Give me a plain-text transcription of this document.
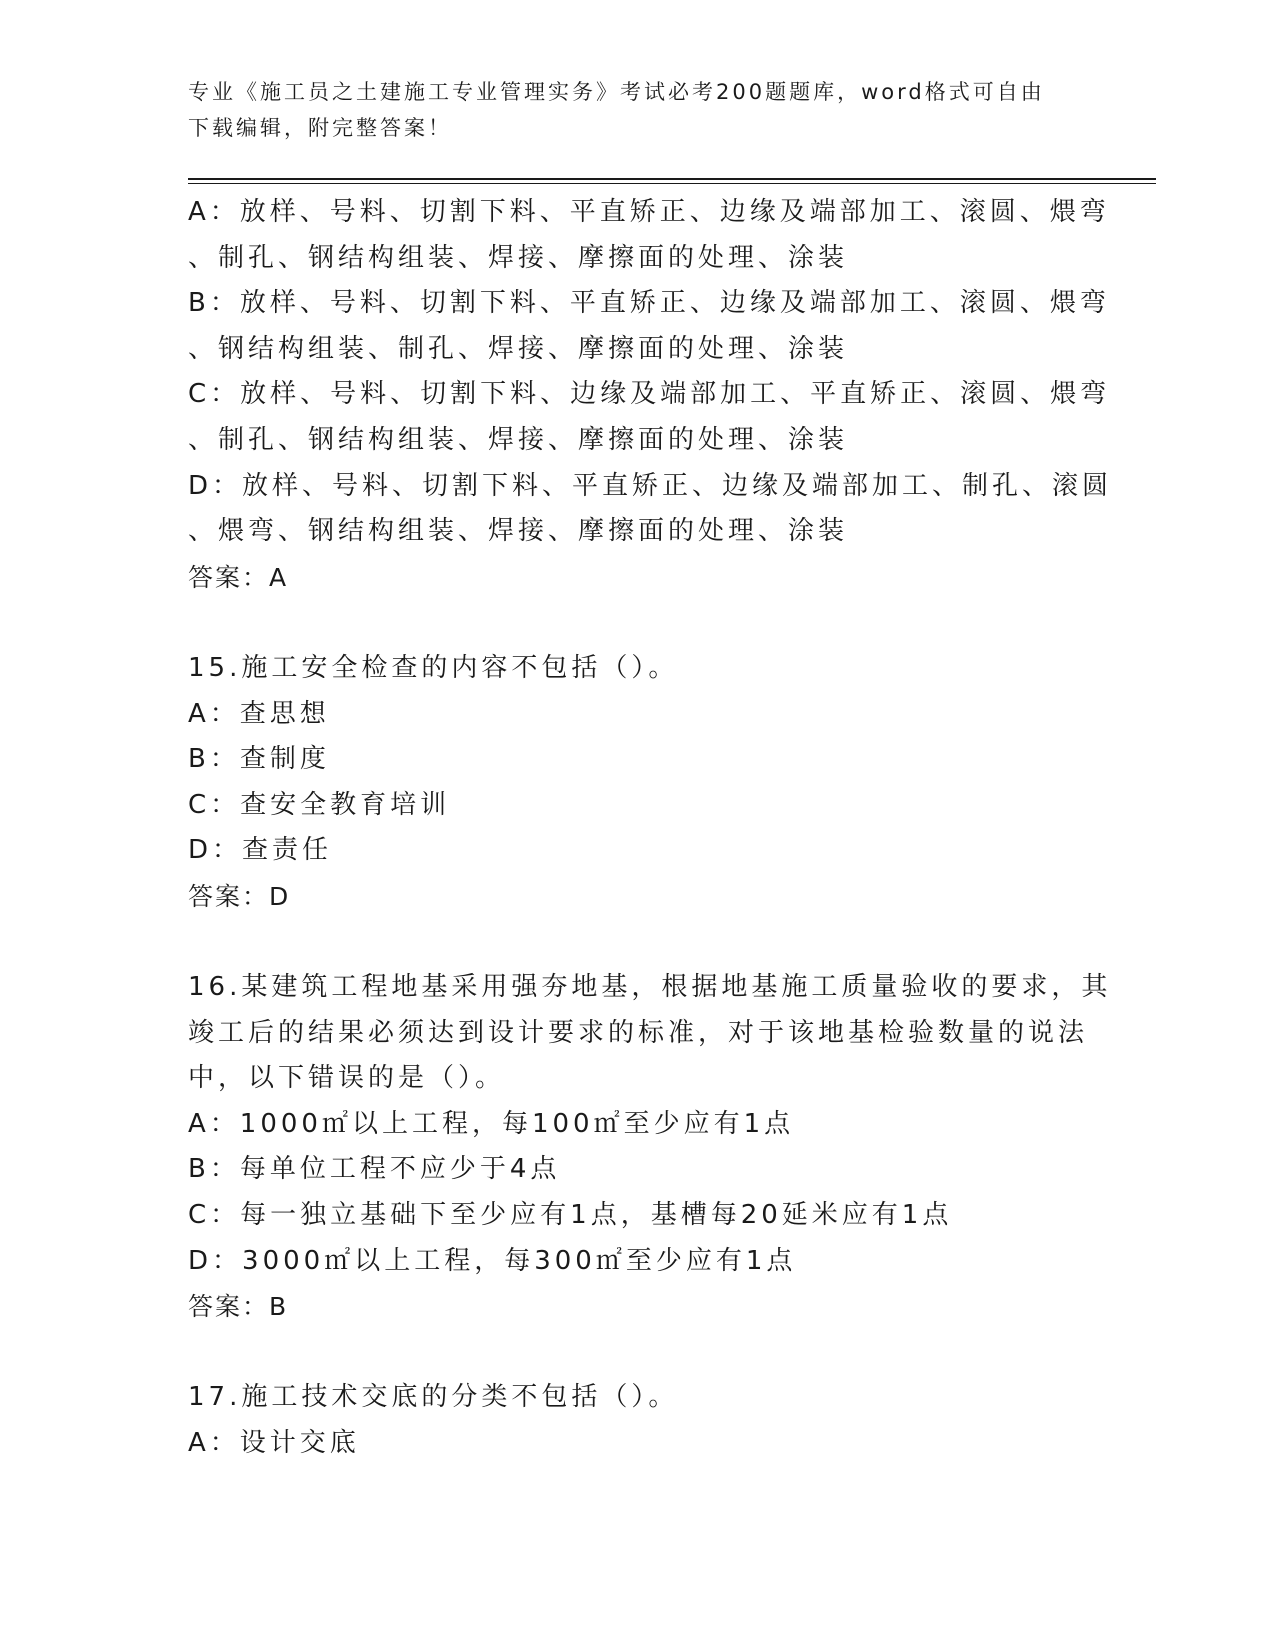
专业《施工员之土建施工专业管理实务》考试必考200题题库，word格式可自由
下载编辑，附完整答案！
A：放样、号料、切割下料、平直矫正、边缘及端部加工、滚圆、煨弯
、制孔、钢结构组装、焊接、摩擦面的处理、涂装
B：放样、号料、切割下料、平直矫正、边缘及端部加工、滚圆、煨弯
、钢结构组装、制孔、焊接、摩擦面的处理、涂装
C：放样、号料、切割下料、边缘及端部加工、平直矫正、滚圆、煨弯
、制孔、钢结构组装、焊接、摩擦面的处理、涂装
D：放样、号料、切割下料、平直矫正、边缘及端部加工、制孔、滚圆
、煨弯、钢结构组装、焊接、摩擦面的处理、涂装
答案：A
15.施工安全检查的内容不包括（）。
A：查思想
B：查制度
C：查安全教育培训
D：查责任
答案：D
16.某建筑工程地基采用强夯地基，根据地基施工质量验收的要求，其
竣工后的结果必须达到设计要求的标准，对于该地基检验数量的说法
中，以下错误的是（）。
A：1000㎡以上工程，每100㎡至少应有1点
B：每单位工程不应少于4点
C：每一独立基础下至少应有1点，基槽每20延米应有1点
D：3000㎡以上工程，每300㎡至少应有1点
答案：B
17.施工技术交底的分类不包括（）。
A：设计交底
